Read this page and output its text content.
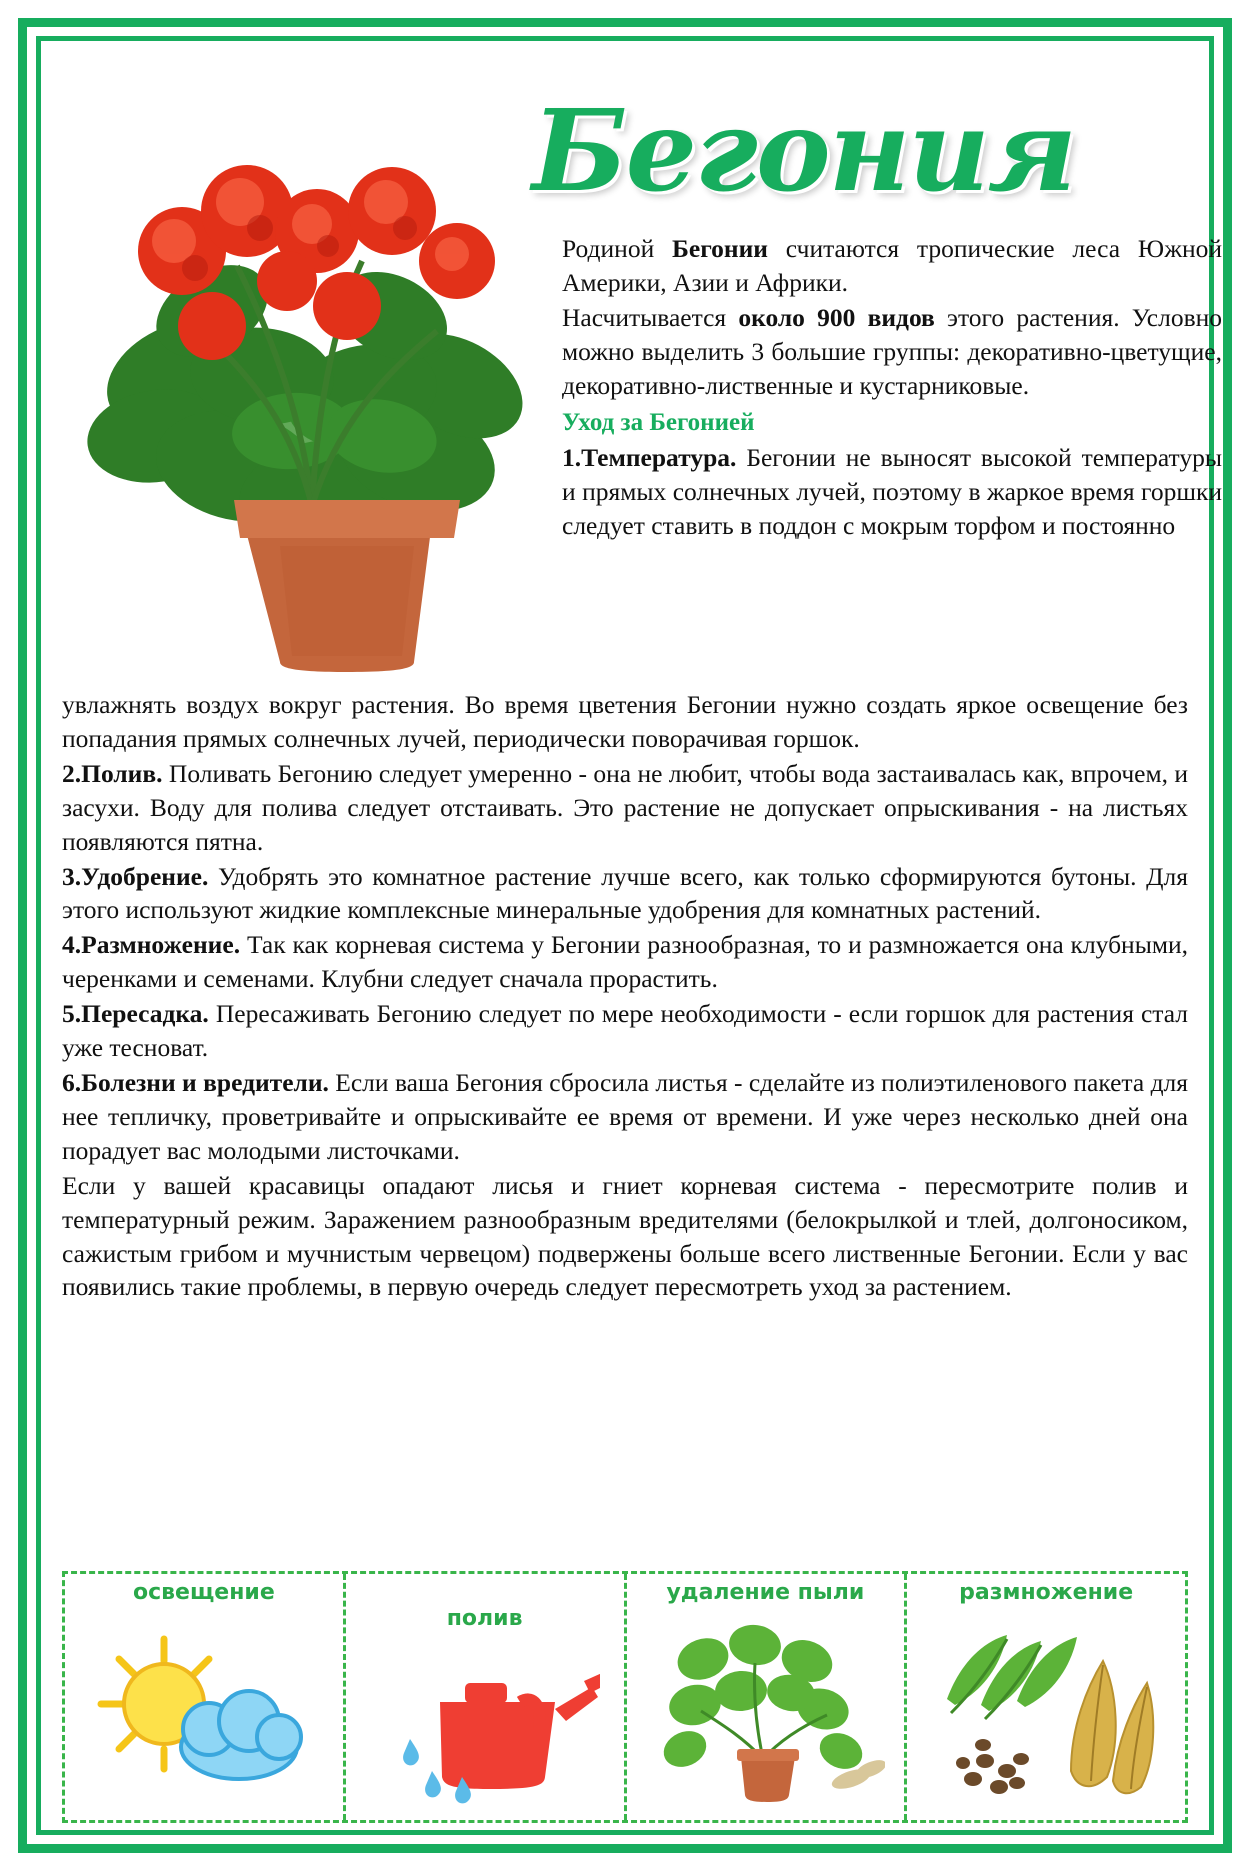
Бегония

Родиной Бегонии считаются тропические леса Южной Америки, Азии и Африки.

Насчитывается около 900 видов этого растения. Условно можно выделить 3 большие группы: декоративно-цветущие, декоративно-лиственные и кустарниковые.

Уход за Бегонией

1.Температура. Бегонии не выносят высокой температуры и прямых солнечных лучей, поэтому в жаркое время горшки следует ставить в поддон с мокрым торфом и постоянно

увлажнять воздух вокруг растения. Во время цветения Бегонии нужно создать яркое освещение без попадания прямых солнечных лучей, периодически поворачивая горшок.

2.Полив. Поливать Бегонию следует умеренно - она не любит, чтобы вода застаивалась как, впрочем, и засухи. Воду для полива следует отстаивать. Это растение не допускает опрыскивания - на листьях появляются пятна.

3.Удобрение. Удобрять это комнатное растение лучше всего, как только сформируются бутоны. Для этого используют жидкие комплексные минеральные удобрения для комнатных растений.

4.Размножение. Так как корневая система у Бегонии разнообразная, то и размножается она клубными, черенками и семенами. Клубни следует сначала прорастить.

5.Пересадка. Пересаживать Бегонию следует по мере необходимости - если горшок для растения стал уже тесноват.

6.Болезни и вредители. Если ваша Бегония сбросила листья - сделайте из полиэтиленового пакета для нее тепличку, проветривайте и опрыскивайте ее время от времени. И уже через несколько дней она порадует вас молодыми листочками.

Если у вашей красавицы опадают лисья и гниет корневая система - пересмотрите полив и температурный режим. Заражением разнообразным вредителями (белокрылкой и тлей, долгоносиком, сажистым грибом и мучнистым червецом) подвержены больше всего лиственные Бегонии. Если у вас появились такие проблемы, в первую очередь следует пересмотреть уход за растением.

освещение
полив
удаление пыли	размножение
